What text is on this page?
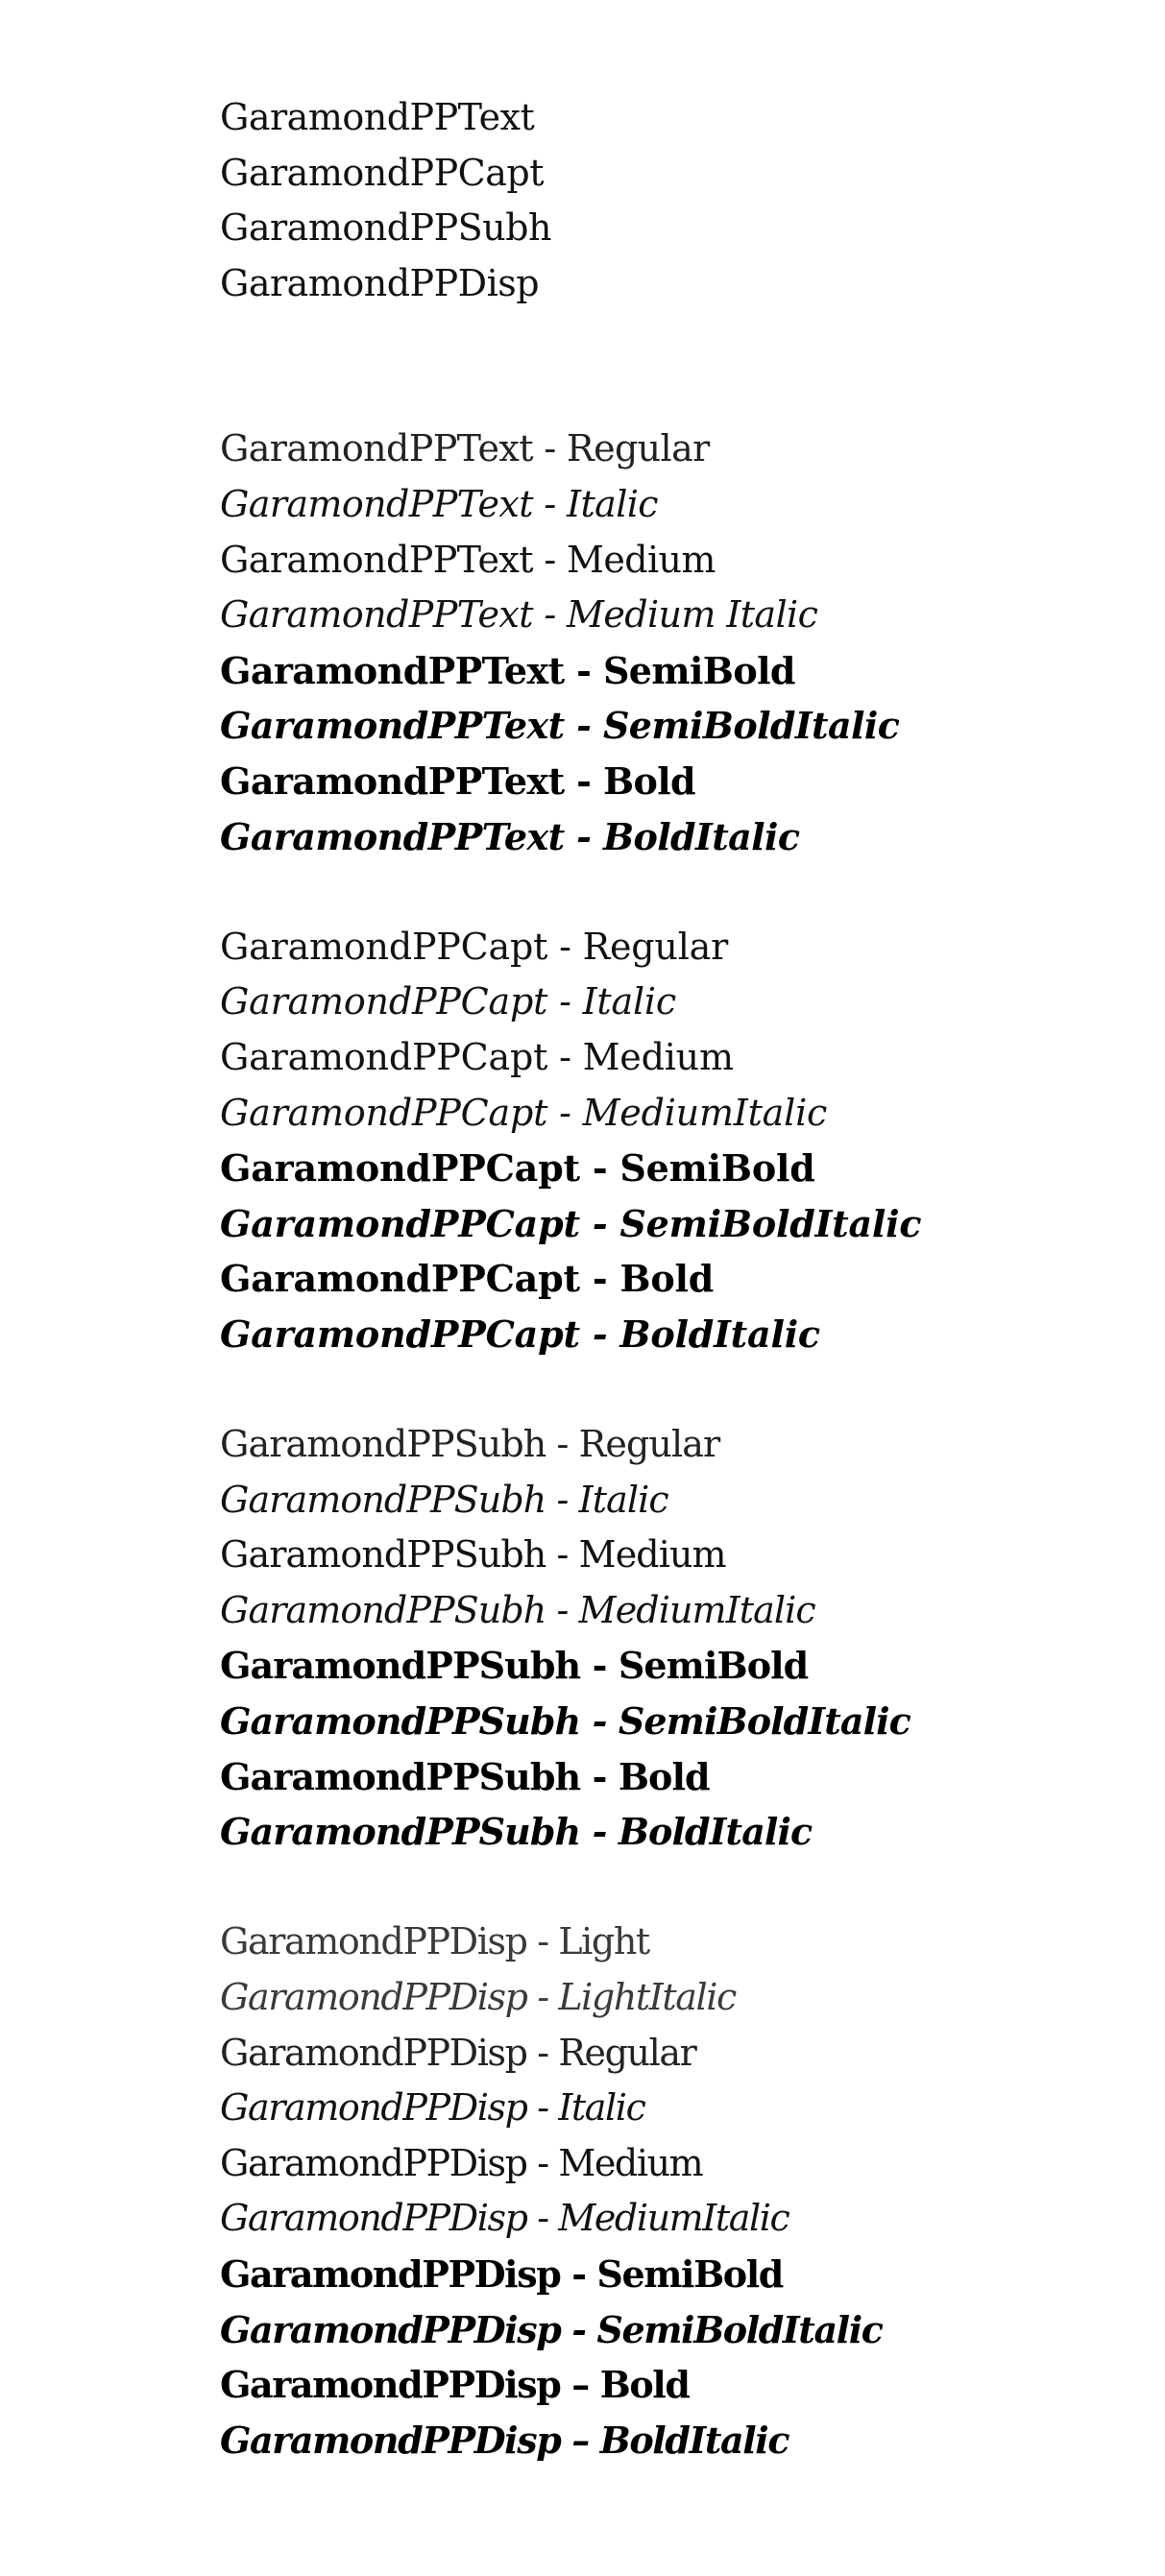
GaramondPPText
GaramondPPCapt
GaramondPPSubh
GaramondPPDisp
GaramondPPText - Regular
GaramondPPText - Italic
GaramondPPText - Medium
GaramondPPText - Medium Italic
GaramondPPText - SemiBold
GaramondPPText - SemiBoldItalic
GaramondPPText - Bold
GaramondPPText - BoldItalic
GaramondPPCapt - Regular
GaramondPPCapt - Italic
GaramondPPCapt - Medium
GaramondPPCapt - MediumItalic
GaramondPPCapt - SemiBold
GaramondPPCapt - SemiBoldItalic
GaramondPPCapt - Bold
GaramondPPCapt - BoldItalic
GaramondPPSubh - Regular
GaramondPPSubh - Italic
GaramondPPSubh - Medium
GaramondPPSubh - MediumItalic
GaramondPPSubh - SemiBold
GaramondPPSubh - SemiBoldItalic
GaramondPPSubh - Bold
GaramondPPSubh - BoldItalic
GaramondPPDisp - Light
GaramondPPDisp - LightItalic
GaramondPPDisp - Regular
GaramondPPDisp - Italic
GaramondPPDisp - Medium
GaramondPPDisp - MediumItalic
GaramondPPDisp - SemiBold
GaramondPPDisp - SemiBoldItalic
GaramondPPDisp – Bold
GaramondPPDisp – BoldItalic
